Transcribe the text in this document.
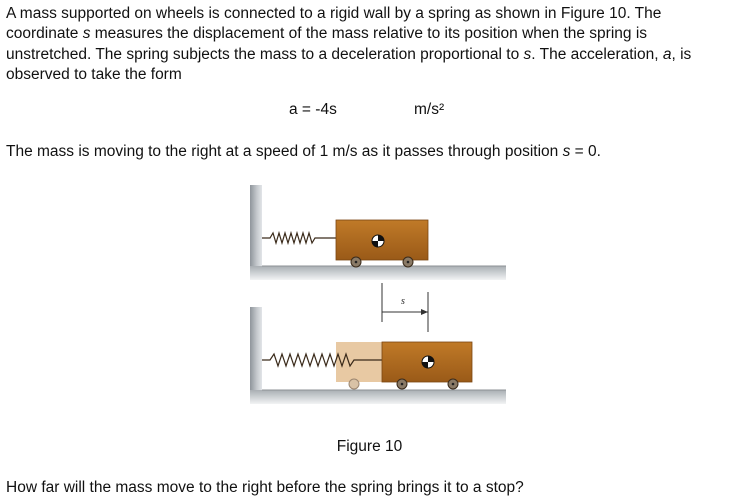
A mass supported on wheels is connected to a rigid wall by a spring as shown in Figure 10. The coordinate s measures the displacement of the mass relative to its position when the spring is unstretched. The spring subjects the mass to a deceleration proportional to s. The acceleration, a, is observed to take the form

a = -4s	m/s²

The mass is moving to the right at a speed of 1 m/s as it passes through position s = 0.

s
Figure 10

How far will the mass move to the right before the spring brings it to a stop?
